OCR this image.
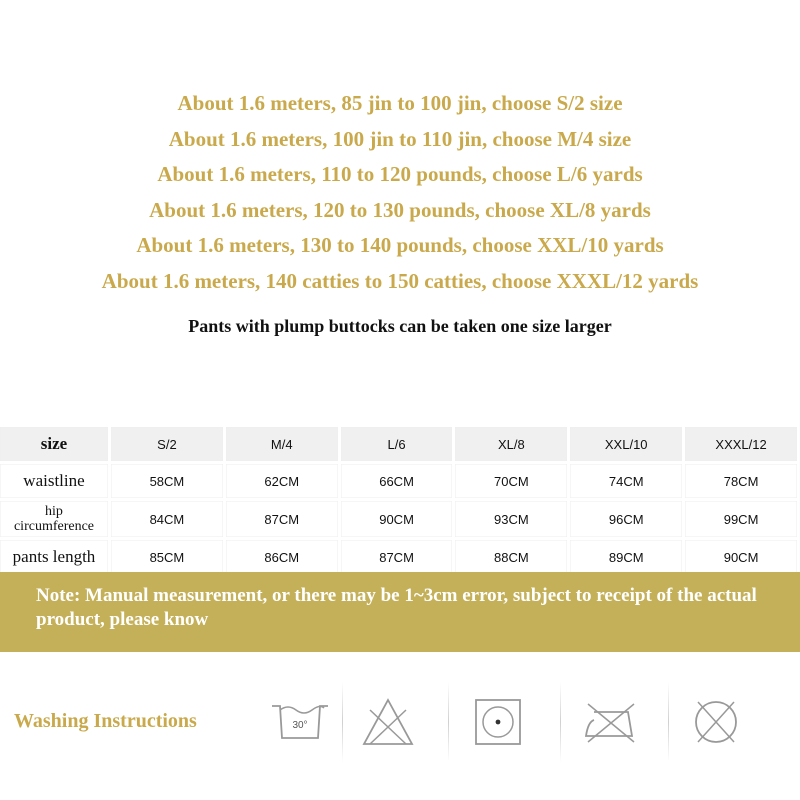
About 1.6 meters, 85 jin to 100 jin, choose S/2 size
About 1.6 meters, 100 jin to 110 jin, choose M/4 size
About 1.6 meters, 110 to 120 pounds, choose L/6 yards
About 1.6 meters, 120 to 130 pounds, choose XL/8 yards
About 1.6 meters, 130 to 140 pounds, choose XXL/10 yards
About 1.6 meters, 140 catties to 150 catties, choose XXXL/12 yards
Pants with plump buttocks can be taken one size larger
size	S/2	M/4	L/6	XL/8	XXL/10	XXXL/12
waistline	58CM	62CM	66CM	70CM	74CM	78CM

hip
circumference	84CM	87CM	90CM	93CM	96CM	99CM
pants length	85CM	86CM	87CM	88CM	89CM	90CM
Note: Manual measurement, or there may be 1~3cm error, subject to receipt of the actual product, please know
Washing Instructions	30°
